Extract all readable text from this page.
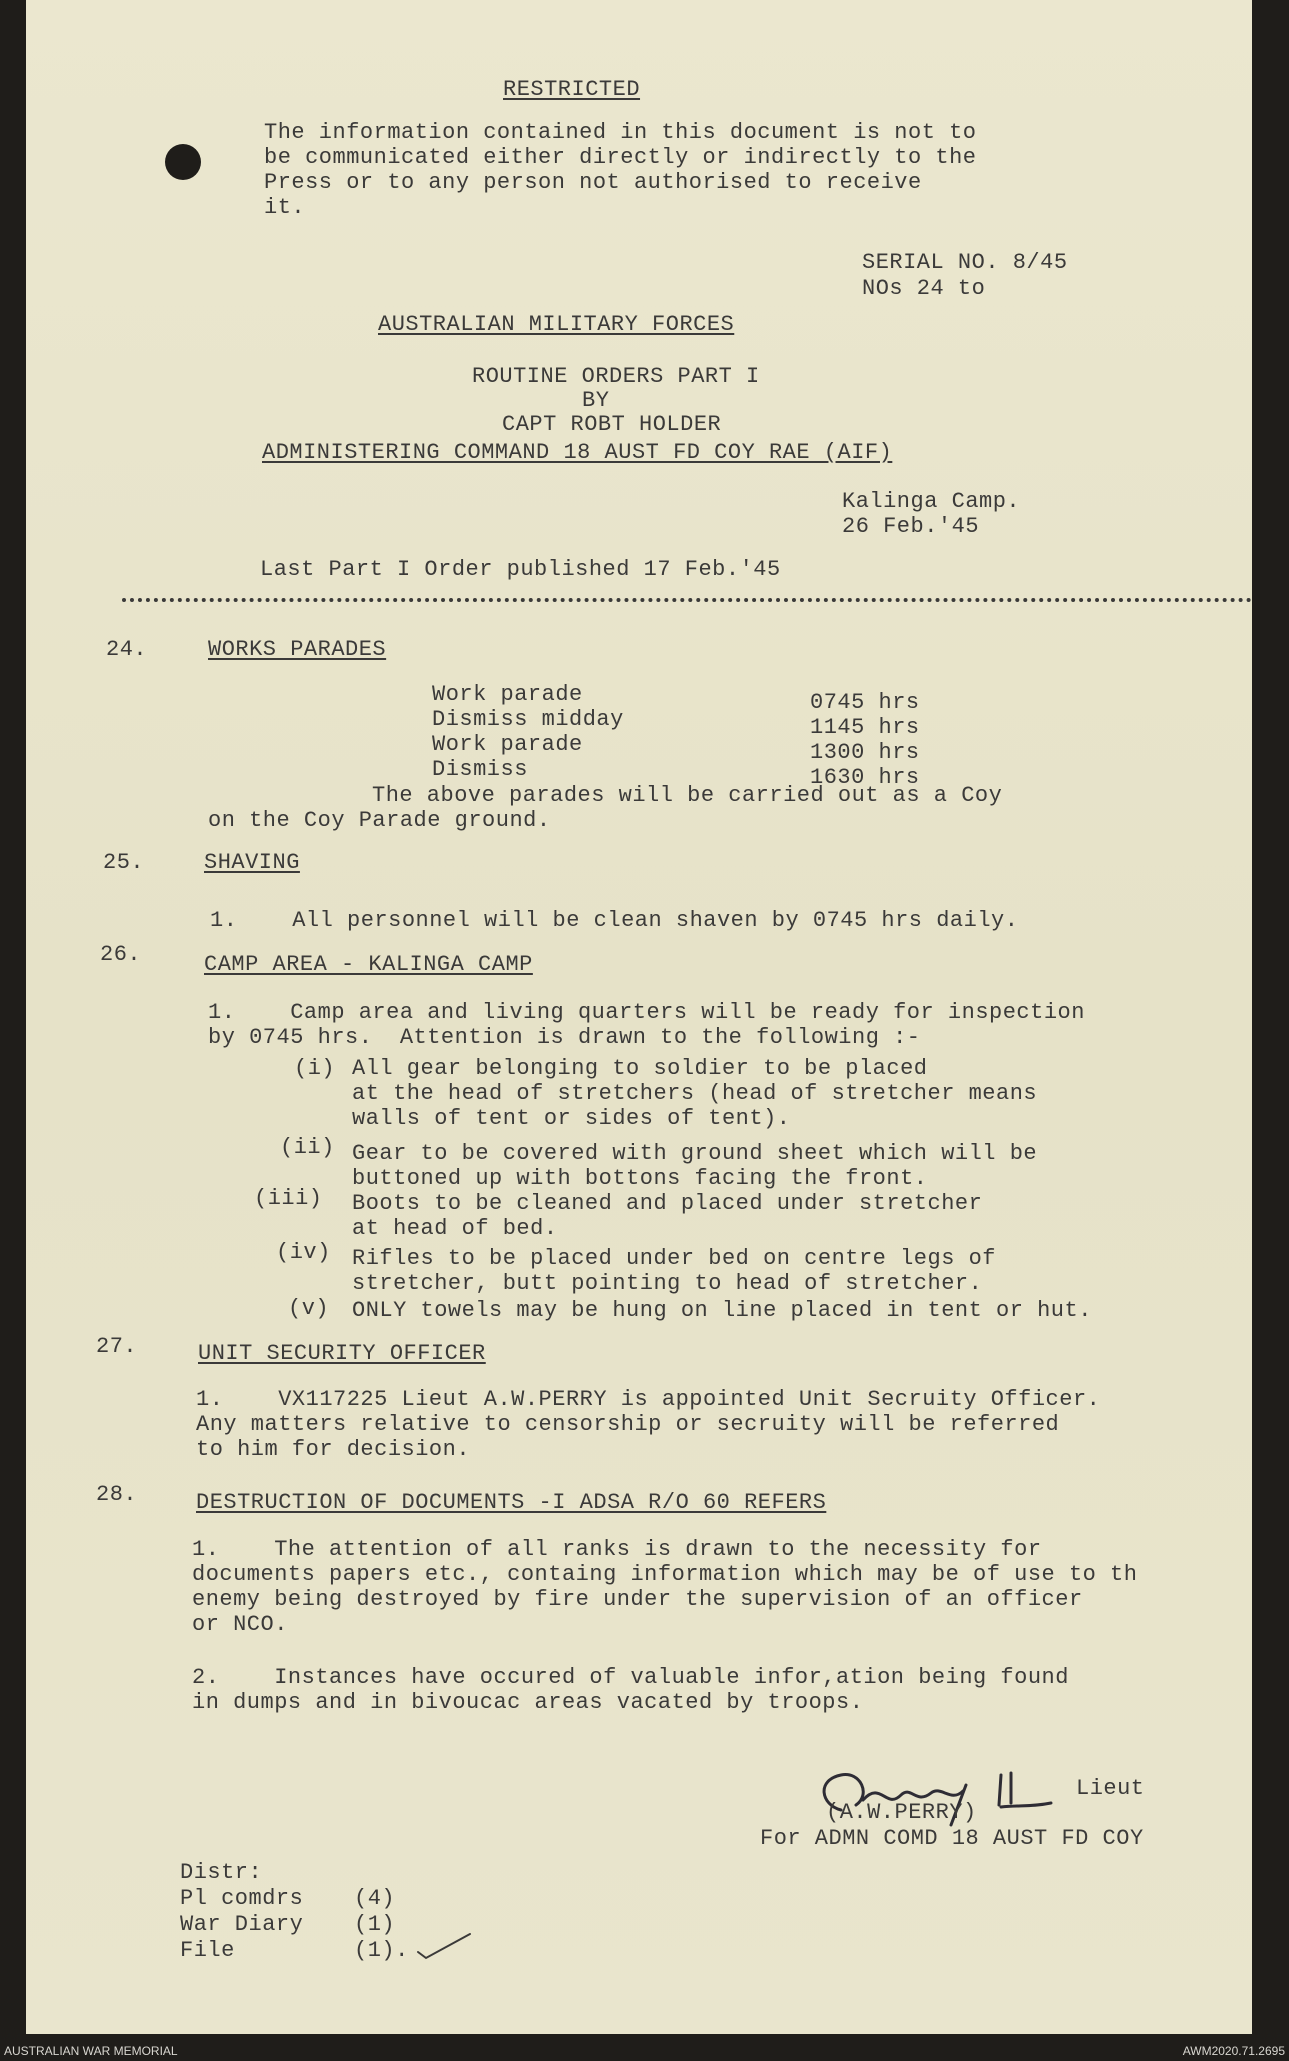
RESTRICTED
The information contained in this document is not to
be communicated either directly or indirectly to the
Press or to any person not authorised to receive
it.
SERIAL NO. 8/45
NOs 24 to
AUSTRALIAN MILITARY FORCES
ROUTINE ORDERS PART I
BY
CAPT ROBT HOLDER
ADMINISTERING COMMAND 18 AUST FD COY RAE (AIF)
Kalinga Camp.
26 Feb.'45
Last Part I Order published 17 Feb.'45
24.	WORKS PARADES
Work parade	0745 hrs
Dismiss midday	1145 hrs
Work parade	1300 hrs
Dismiss	1630 hrs
The above parades will be carried out as a Coy
on the Coy Parade ground.
25.	SHAVING
1.    All personnel will be clean shaven by 0745 hrs daily.
26.	CAMP AREA - KALINGA CAMP
1.    Camp area and living quarters will be ready for inspection
by 0745 hrs.  Attention is drawn to the following :-
(i) All gear belonging to soldier to be placed
at the head of stretchers (head of stretcher means
walls of tent or sides of tent).
(ii) Gear to be covered with ground sheet which will be
buttoned up with bottons facing the front.
(iii) Boots to be cleaned and placed under stretcher
at head of bed.
(iv) Rifles to be placed under bed on centre legs of
stretcher, butt pointing to head of stretcher.
(v) ONLY towels may be hung on line placed in tent or hut.
27.	UNIT SECURITY OFFICER
1.    VX117225 Lieut A.W.PERRY is appointed Unit Secruity Officer.
Any matters relative to censorship or secruity will be referred
to him for decision.
28.	DESTRUCTION OF DOCUMENTS -I ADSA R/O 60 REFERS
1.    The attention of all ranks is drawn to the necessity for
documents papers etc., containg information which may be of use to th
enemy being destroyed by fire under the supervision of an officer
or NCO.
2.    Instances have occured of valuable infor,ation being found
in dumps and in bivoucac areas vacated by troops.
(A.W.PERRY)
Lieut
For ADMN COMD 18 AUST FD COY
Distr:
Pl comdrs (4)
War Diary (1)
File	(1).
AUSTRALIAN WAR MEMORIAL	AWM2020.71.2695
